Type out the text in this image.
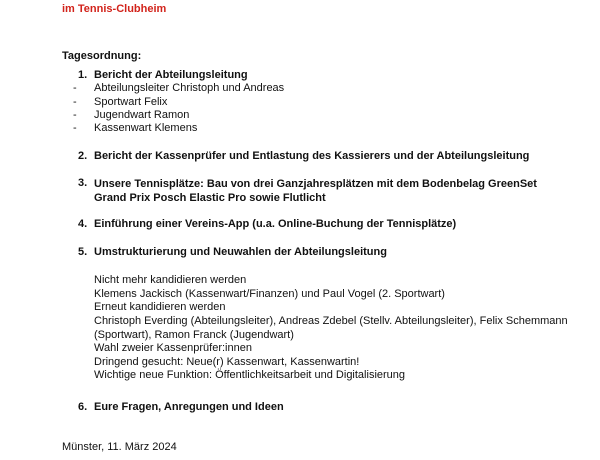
im Tennis-Clubheim
Tagesordnung:
1. Bericht der Abteilungsleitung
- Abteilungsleiter Christoph und Andreas
- Sportwart Felix
- Jugendwart Ramon
- Kassenwart Klemens
2. Bericht der Kassenprüfer und Entlastung des Kassierers und der Abteilungsleitung
3. Unsere Tennisplätze: Bau von drei Ganzjahresplätzen mit dem Bodenbelag GreenSet Grand Prix Posch Elastic Pro sowie Flutlicht
4. Einführung einer Vereins-App (u.a. Online-Buchung der Tennisplätze)
5. Umstrukturierung und Neuwahlen der Abteilungsleitung
Nicht mehr kandidieren werden
Klemens Jackisch (Kassenwart/Finanzen) und Paul Vogel (2. Sportwart)
Erneut kandidieren werden
Christoph Everding (Abteilungsleiter), Andreas Zdebel (Stellv. Abteilungsleiter), Felix Schemmann (Sportwart), Ramon Franck (Jugendwart)
Wahl zweier Kassenprüfer:innen
Dringend gesucht: Neue(r) Kassenwart, Kassenwartin!
Wichtige neue Funktion: Öffentlichkeitsarbeit und Digitalisierung
6. Eure Fragen, Anregungen und Ideen
Münster, 11. März 2024
